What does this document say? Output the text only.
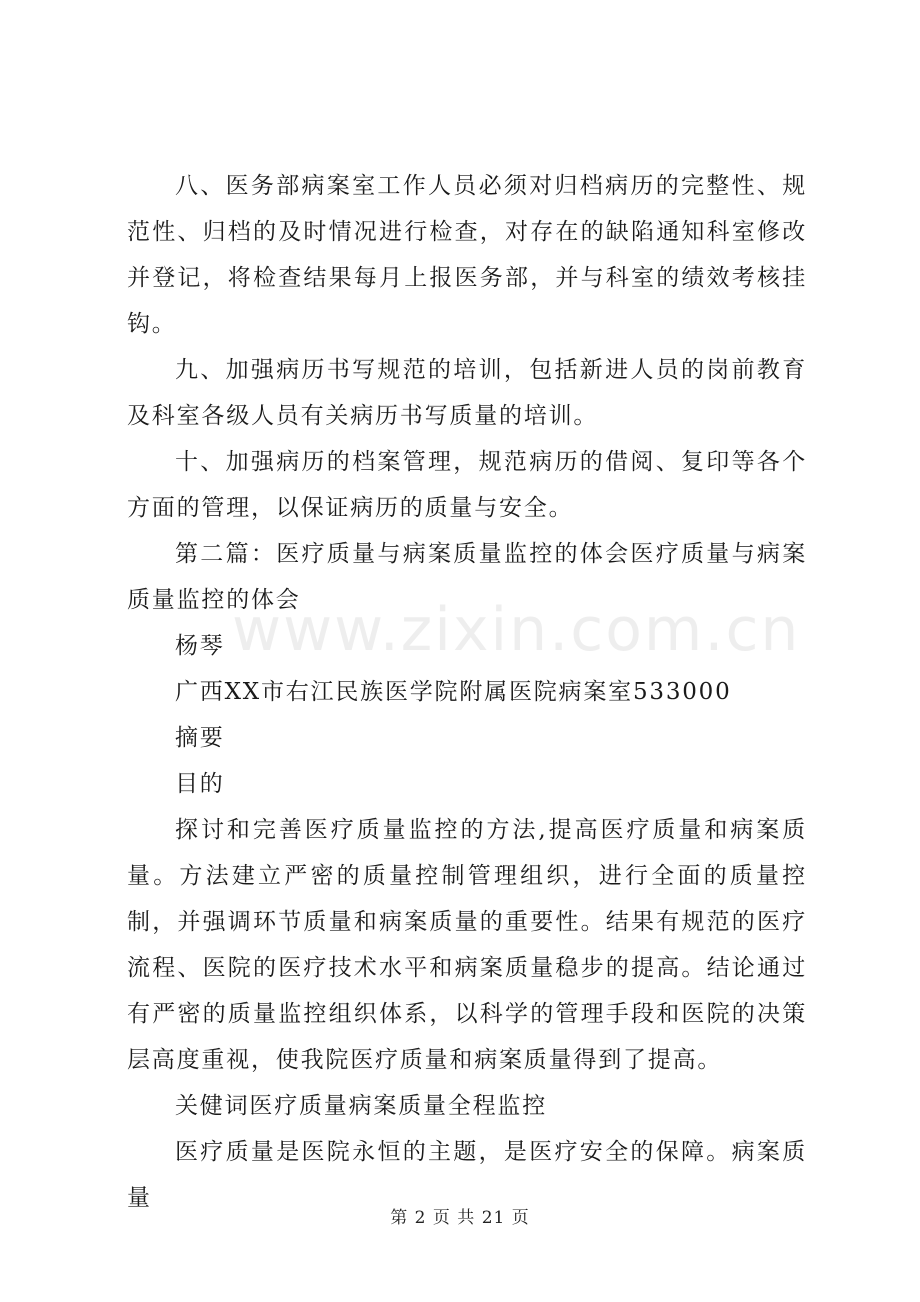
www.zixin.com.cn

八、医务部病案室工作人员必须对归档病历的完整性、规范性、归档的及时情况进行检查，对存在的缺陷通知科室修改并登记，将检查结果每月上报医务部，并与科室的绩效考核挂钩。

九、加强病历书写规范的培训，包括新进人员的岗前教育及科室各级人员有关病历书写质量的培训。

十、加强病历的档案管理，规范病历的借阅、复印等各个方面的管理，以保证病历的质量与安全。

第二篇：医疗质量与病案质量监控的体会医疗质量与病案质量监控的体会

杨琴

广西XX市右江民族医学院附属医院病案室533000

摘要

目的

探讨和完善医疗质量监控的方法,提高医疗质量和病案质量。方法建立严密的质量控制管理组织，进行全面的质量控制，并强调环节质量和病案质量的重要性。结果有规范的医疗流程、医院的医疗技术水平和病案质量稳步的提高。结论通过有严密的质量监控组织体系，以科学的管理手段和医院的决策层高度重视，使我院医疗质量和病案质量得到了提高。

关健词医疗质量病案质量全程监控

医疗质量是医院永恒的主题，是医疗安全的保障。病案质量

第 2 页 共 21 页
